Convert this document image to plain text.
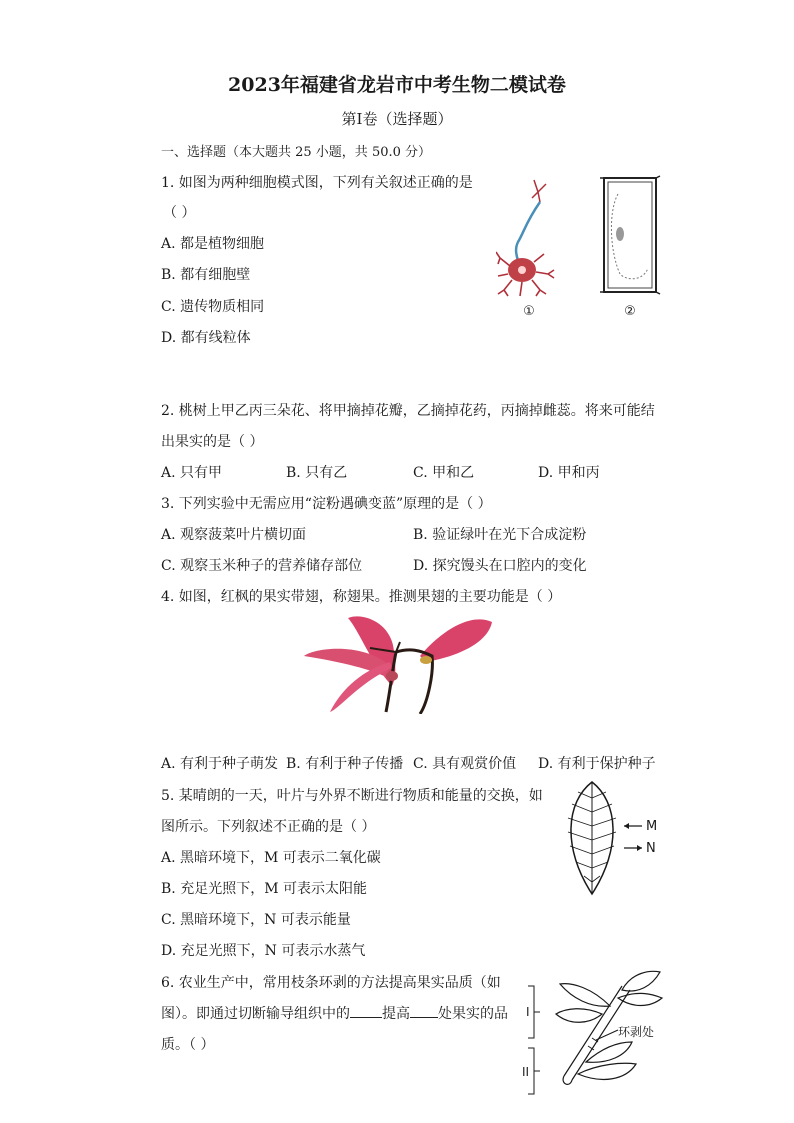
2023年福建省龙岩市中考生物二模试卷
第I卷（选择题）
一、选择题（本大题共 25 小题，共 50.0 分）
1. 如图为两种细胞模式图，下列有关叙述正确的是
（ ）
A. 都是植物细胞
B. 都有细胞壁
C. 遗传物质相同
D. 都有线粒体
①	②
2. 桃树上甲乙丙三朵花、将甲摘掉花瓣，乙摘掉花药，丙摘掉雌蕊。将来可能结
出果实的是（ ）
A. 只有甲	B. 只有乙	C. 甲和乙	D. 甲和丙
3. 下列实验中无需应用“淀粉遇碘变蓝”原理的是（ ）
A. 观察菠菜叶片横切面	B. 验证绿叶在光下合成淀粉
C. 观察玉米种子的营养储存部位	D. 探究馒头在口腔内的变化
4. 如图，红枫的果实带翅，称翅果。推测果翅的主要功能是（ ）
A. 有利于种子萌发 B. 有利于种子传播 C. 具有观赏价值 D. 有利于保护种子
5. 某晴朗的一天，叶片与外界不断进行物质和能量的交换，如
图所示。下列叙述不正确的是（ ）
A. 黑暗环境下，M 可表示二氧化碳
B. 充足光照下，M 可表示太阳能
C. 黑暗环境下，N 可表示能量
D. 充足光照下，N 可表示水蒸气
M
N
6. 农业生产中，常用枝条环剥的方法提高果实品质（如
图）。即通过切断输导组织中的 提高 处果实的品
质。（ ）
I
II
环剥处
